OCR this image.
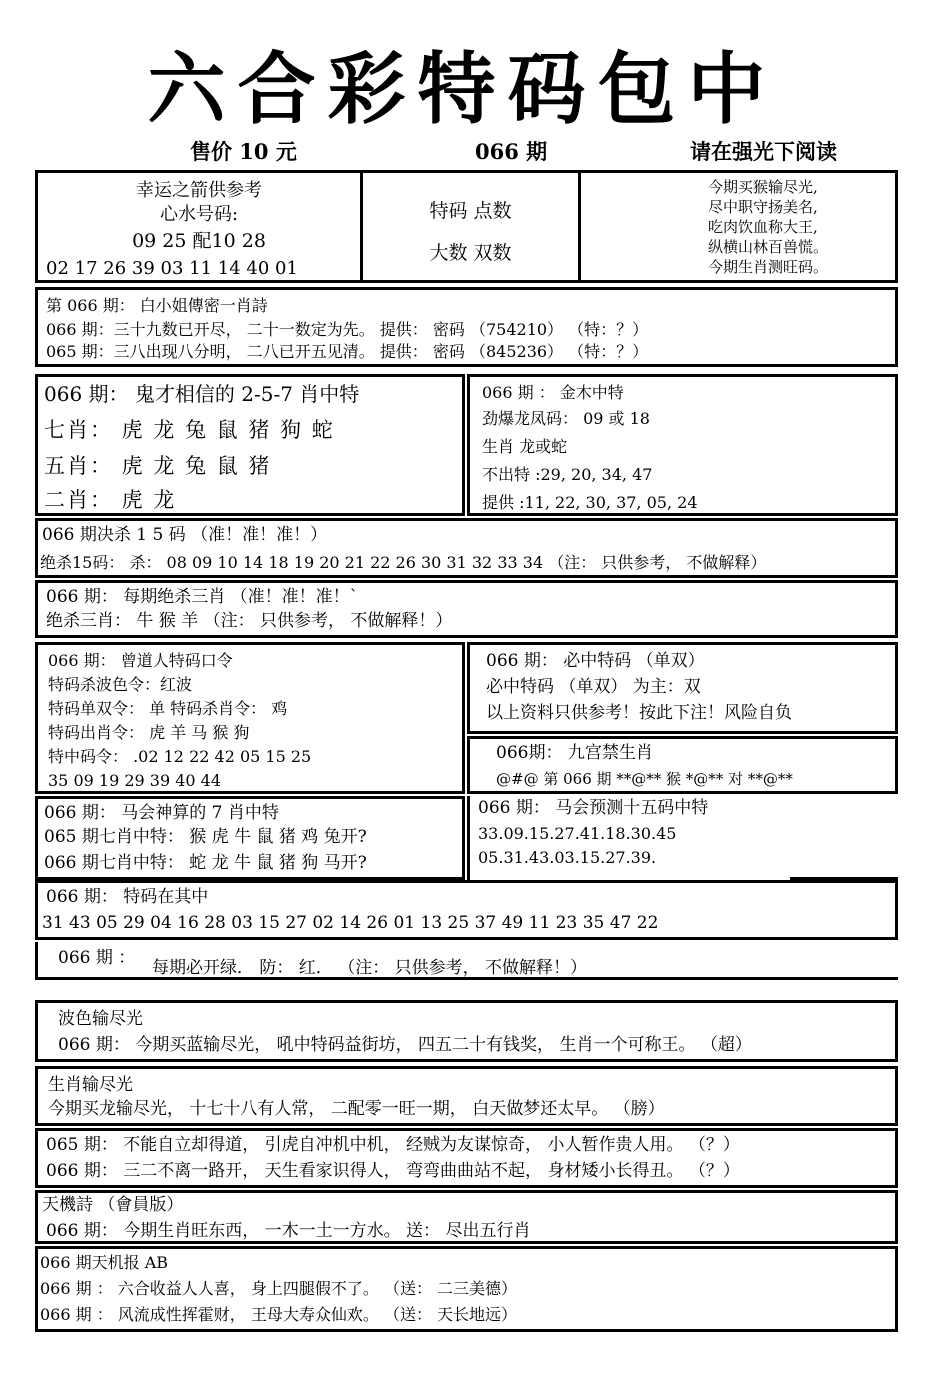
六合彩特码包中
售价 10 元	066 期	请在强光下阅读
幸运之箭供参考
心水号码:
09 25 配10 28
02 17 26 39 03 11 14 40 01
特码 点数
大数 双数
今期买猴输尽光,
尽中职守扬美名,
吃肉饮血称大王,
纵横山林百兽慌。
今期生肖测旺码。
第 066 期： 白小姐傳密一肖詩
066 期：三十九数已开尽， 二十一数定为先。 提供： 密码 （754210） （特：？）
065 期：三八出现八分明， 二八已开五见清。 提供： 密码 （845236） （特：？）
066 期： 鬼才相信的 2-5-7 肖中特
七肖： 虎 龙 兔 鼠 猪 狗 蛇
五肖： 虎 龙 兔 鼠 猪
二肖： 虎 龙
066 期 ： 金木中特
劲爆龙凤码： 09 或 18
生肖 龙或蛇
不出特 :29, 20, 34, 47
提供 :11, 22, 30, 37, 05, 24
066 期决杀 1 5 码 （准！准！准！）
绝杀15码： 杀： 08 09 10 14 18 19 20 21 22 26 30 31 32 33 34 （注： 只供参考， 不做解释）
066 期： 每期绝杀三肖 （准！准！准！`
绝杀三肖： 牛 猴 羊 （注： 只供参考， 不做解释！）
066 期： 曾道人特码口令
特码杀波色令：红波
特码单双令： 单 特码杀肖令： 鸡
特码出肖令： 虎 羊 马 猴 狗
特中码令： .02 12 22 42 05 15 25
35 09 19 29 39 40 44
066 期： 必中特码 （单双）
必中特码 （单双） 为主：双
以上资料只供参考！按此下注！风险自负
066期： 九宫禁生肖
@#@ 第 066 期 **@** 猴 *@** 对 **@**
066 期： 马会神算的 7 肖中特
065 期七肖中特： 猴 虎 牛 鼠 猪 鸡 兔开?
066 期七肖中特： 蛇 龙 牛 鼠 猪 狗 马开?
066 期： 马会预测十五码中特
33.09.15.27.41.18.30.45
05.31.43.03.15.27.39.
066 期： 特码在其中
31 43 05 29 04 16 28 03 15 27 02 14 26 01 13 25 37 49 11 23 35 47 22
066 期 ： 每期必开绿． 防： 红． （注： 只供参考， 不做解释！）
波色输尽光
066 期： 今期买蓝输尽光， 吼中特码益街坊， 四五二十有钱奖， 生肖一个可称王。 （超）
生肖输尽光
今期买龙输尽光， 十七十八有人常， 二配零一旺一期， 白天做梦还太早。 （膀）
065 期： 不能自立却得道， 引虎自冲机中机， 经贼为友谋惊奇， 小人暂作贵人用。 （？）
066 期： 三二不离一路开， 天生看家识得人， 弯弯曲曲站不起， 身材矮小长得丑。 （？）
天機詩 （會員版）
066 期： 今期生肖旺东西， 一木一土一方水。 送： 尽出五行肖
066 期天机报 AB
066 期 ： 六合收益人人喜， 身上四腿假不了。 （送： 二三美德）
066 期 ： 风流成性挥霍财， 王母大寿众仙欢。 （送： 天长地远）
